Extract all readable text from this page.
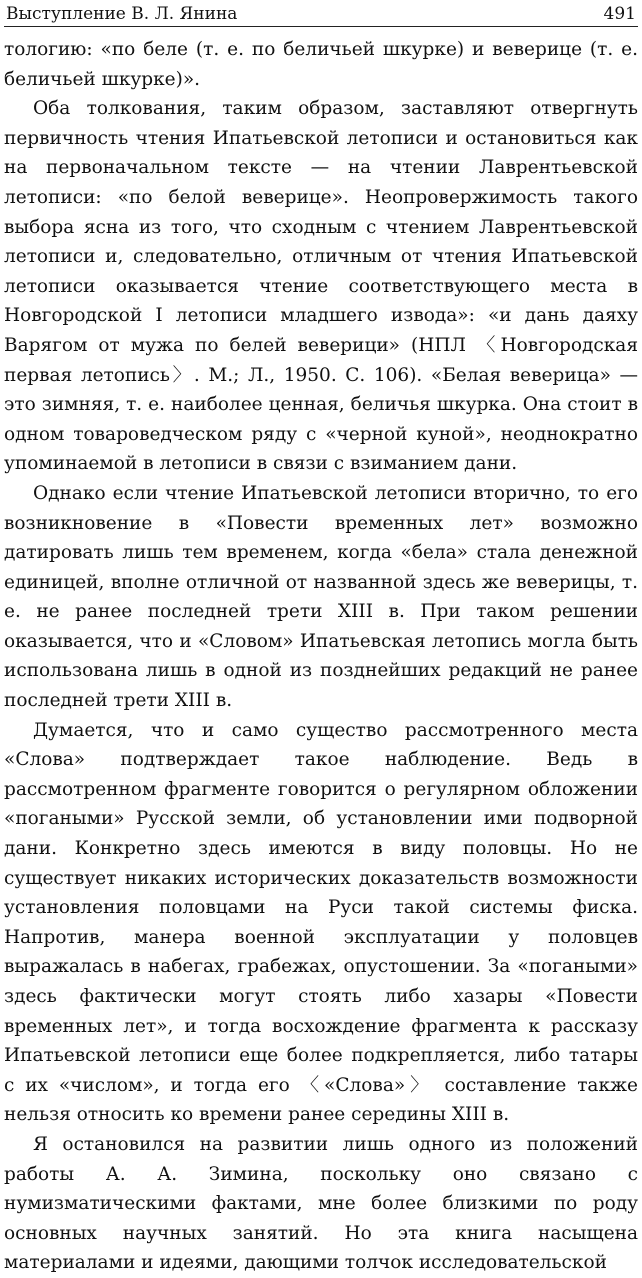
Выступление В. Л. Янина	491

тологию: «по беле (т. е. по беличьей шкурке) и веверице (т. е. беличьей шкурке)».

Оба толкования, таким образом, заставляют отвергнуть первичность чтения Ипатьевской летописи и остановиться как на первоначальном тексте — на чтении Лаврентьевской летописи: «по белой веверице». Неопровержимость такого выбора ясна из того, что сходным с чтением Лаврентьевской летописи и, следовательно, отличным от чтения Ипатьевской летописи оказывается чтение соответствующего места в Новгородской I летописи младшего извода»: «и дань даяху Варягом от мужа по белей веверици» (НПЛ 〈Новгородская первая летопись〉. М.; Л., 1950. С. 106). «Белая веверица» — это зимняя, т. е. наиболее ценная, беличья шкурка. Она стоит в одном товароведческом ряду с «черной куной», неоднократно упоминаемой в летописи в связи с взиманием дани.

Однако если чтение Ипатьевской летописи вторично, то его возникновение в «Повести временных лет» возможно датировать лишь тем временем, когда «бела» стала денежной единицей, вполне отличной от названной здесь же веверицы, т. е. не ранее последней трети XIII в. При таком решении оказывается, что и «Словом» Ипатьевская летопись могла быть использована лишь в одной из позднейших редакций не ранее последней трети XIII в.

Думается, что и само существо рассмотренного места «Слова» подтверждает такое наблюдение. Ведь в рассмотренном фрагменте говорится о регулярном обложении «погаными» Русской земли, об установлении ими подворной дани. Конкретно здесь имеются в виду половцы. Но не существует никаких исторических доказательств возможности установления половцами на Руси такой системы фиска. Напротив, манера военной эксплуатации у половцев выражалась в набегах, грабежах, опустошении. За «погаными» здесь фактически могут стоять либо хазары «Повести временных лет», и тогда восхождение фрагмента к рассказу Ипатьевской летописи еще более подкрепляется, либо татары с их «числом», и тогда его 〈«Слова»〉 составление также нельзя относить ко времени ранее середины XIII в.

Я остановился на развитии лишь одного из положений работы А. А. Зимина, поскольку оно связано с нумизматическими фактами, мне более близкими по роду основных научных занятий. Но эта книга насыщена материалами и идеями, дающими толчок исследовательской
